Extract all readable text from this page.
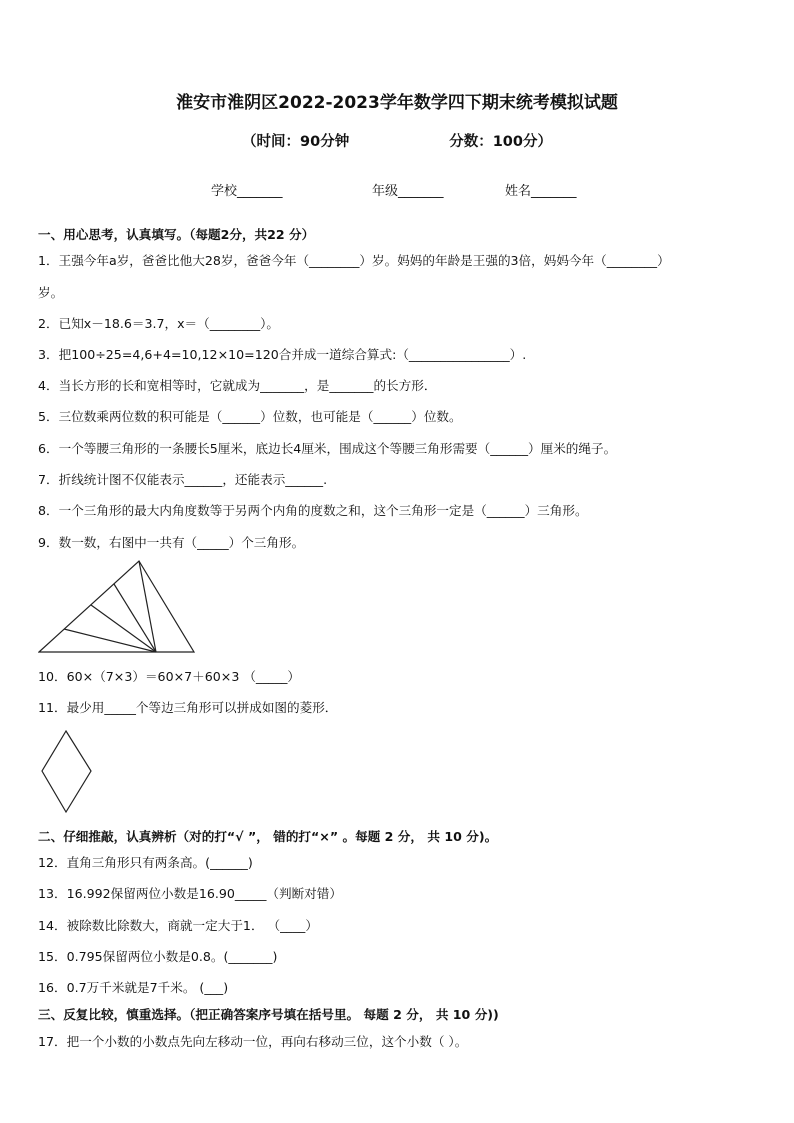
淮安市淮阴区2022-2023学年数学四下期末统考模拟试题
（时间：90分钟	分数：100分）
学校_______	年级_______	姓名_______
一、用心思考，认真填写。（每题2分，共22 分）
1．王强今年a岁，爸爸比他大28岁，爸爸今年（________）岁。妈妈的年龄是王强的3倍，妈妈今年（________）
岁。
2．已知x－18.6＝3.7，x＝（________）。
3．把100÷25=4,6+4=10,12×10=120合并成一道综合算式:（________________）.
4．当长方形的长和宽相等时，它就成为_______，是_______的长方形．
5．三位数乘两位数的积可能是（______）位数，也可能是（______）位数。
6．一个等腰三角形的一条腰长5厘米，底边长4厘米，围成这个等腰三角形需要（______）厘米的绳子。
7．折线统计图不仅能表示______，还能表示______.
8．一个三角形的最大内角度数等于另两个内角的度数之和，这个三角形一定是（______）三角形。
9．数一数，右图中一共有（_____）个三角形。
10．60×（7×3）＝60×7＋60×3 （_____）
11．最少用_____个等边三角形可以拼成如图的菱形．
二、仔细推敲，认真辨析（对的打“√ ”， 错的打“×” 。每题 2 分， 共 10 分)。
12．直角三角形只有两条高。(______)
13．16.992保留两位小数是16.90_____（判断对错）
14．被除数比除数大，商就一定大于1． （____）
15．0.795保留两位小数是0.8。(_______)
16．0.7万千米就是7千米。 (___)
三、反复比较，慎重选择。（把正确答案序号填在括号里。 每题 2 分， 共 10 分))
17．把一个小数的小数点先向左移动一位，再向右移动三位，这个小数（ ）。
